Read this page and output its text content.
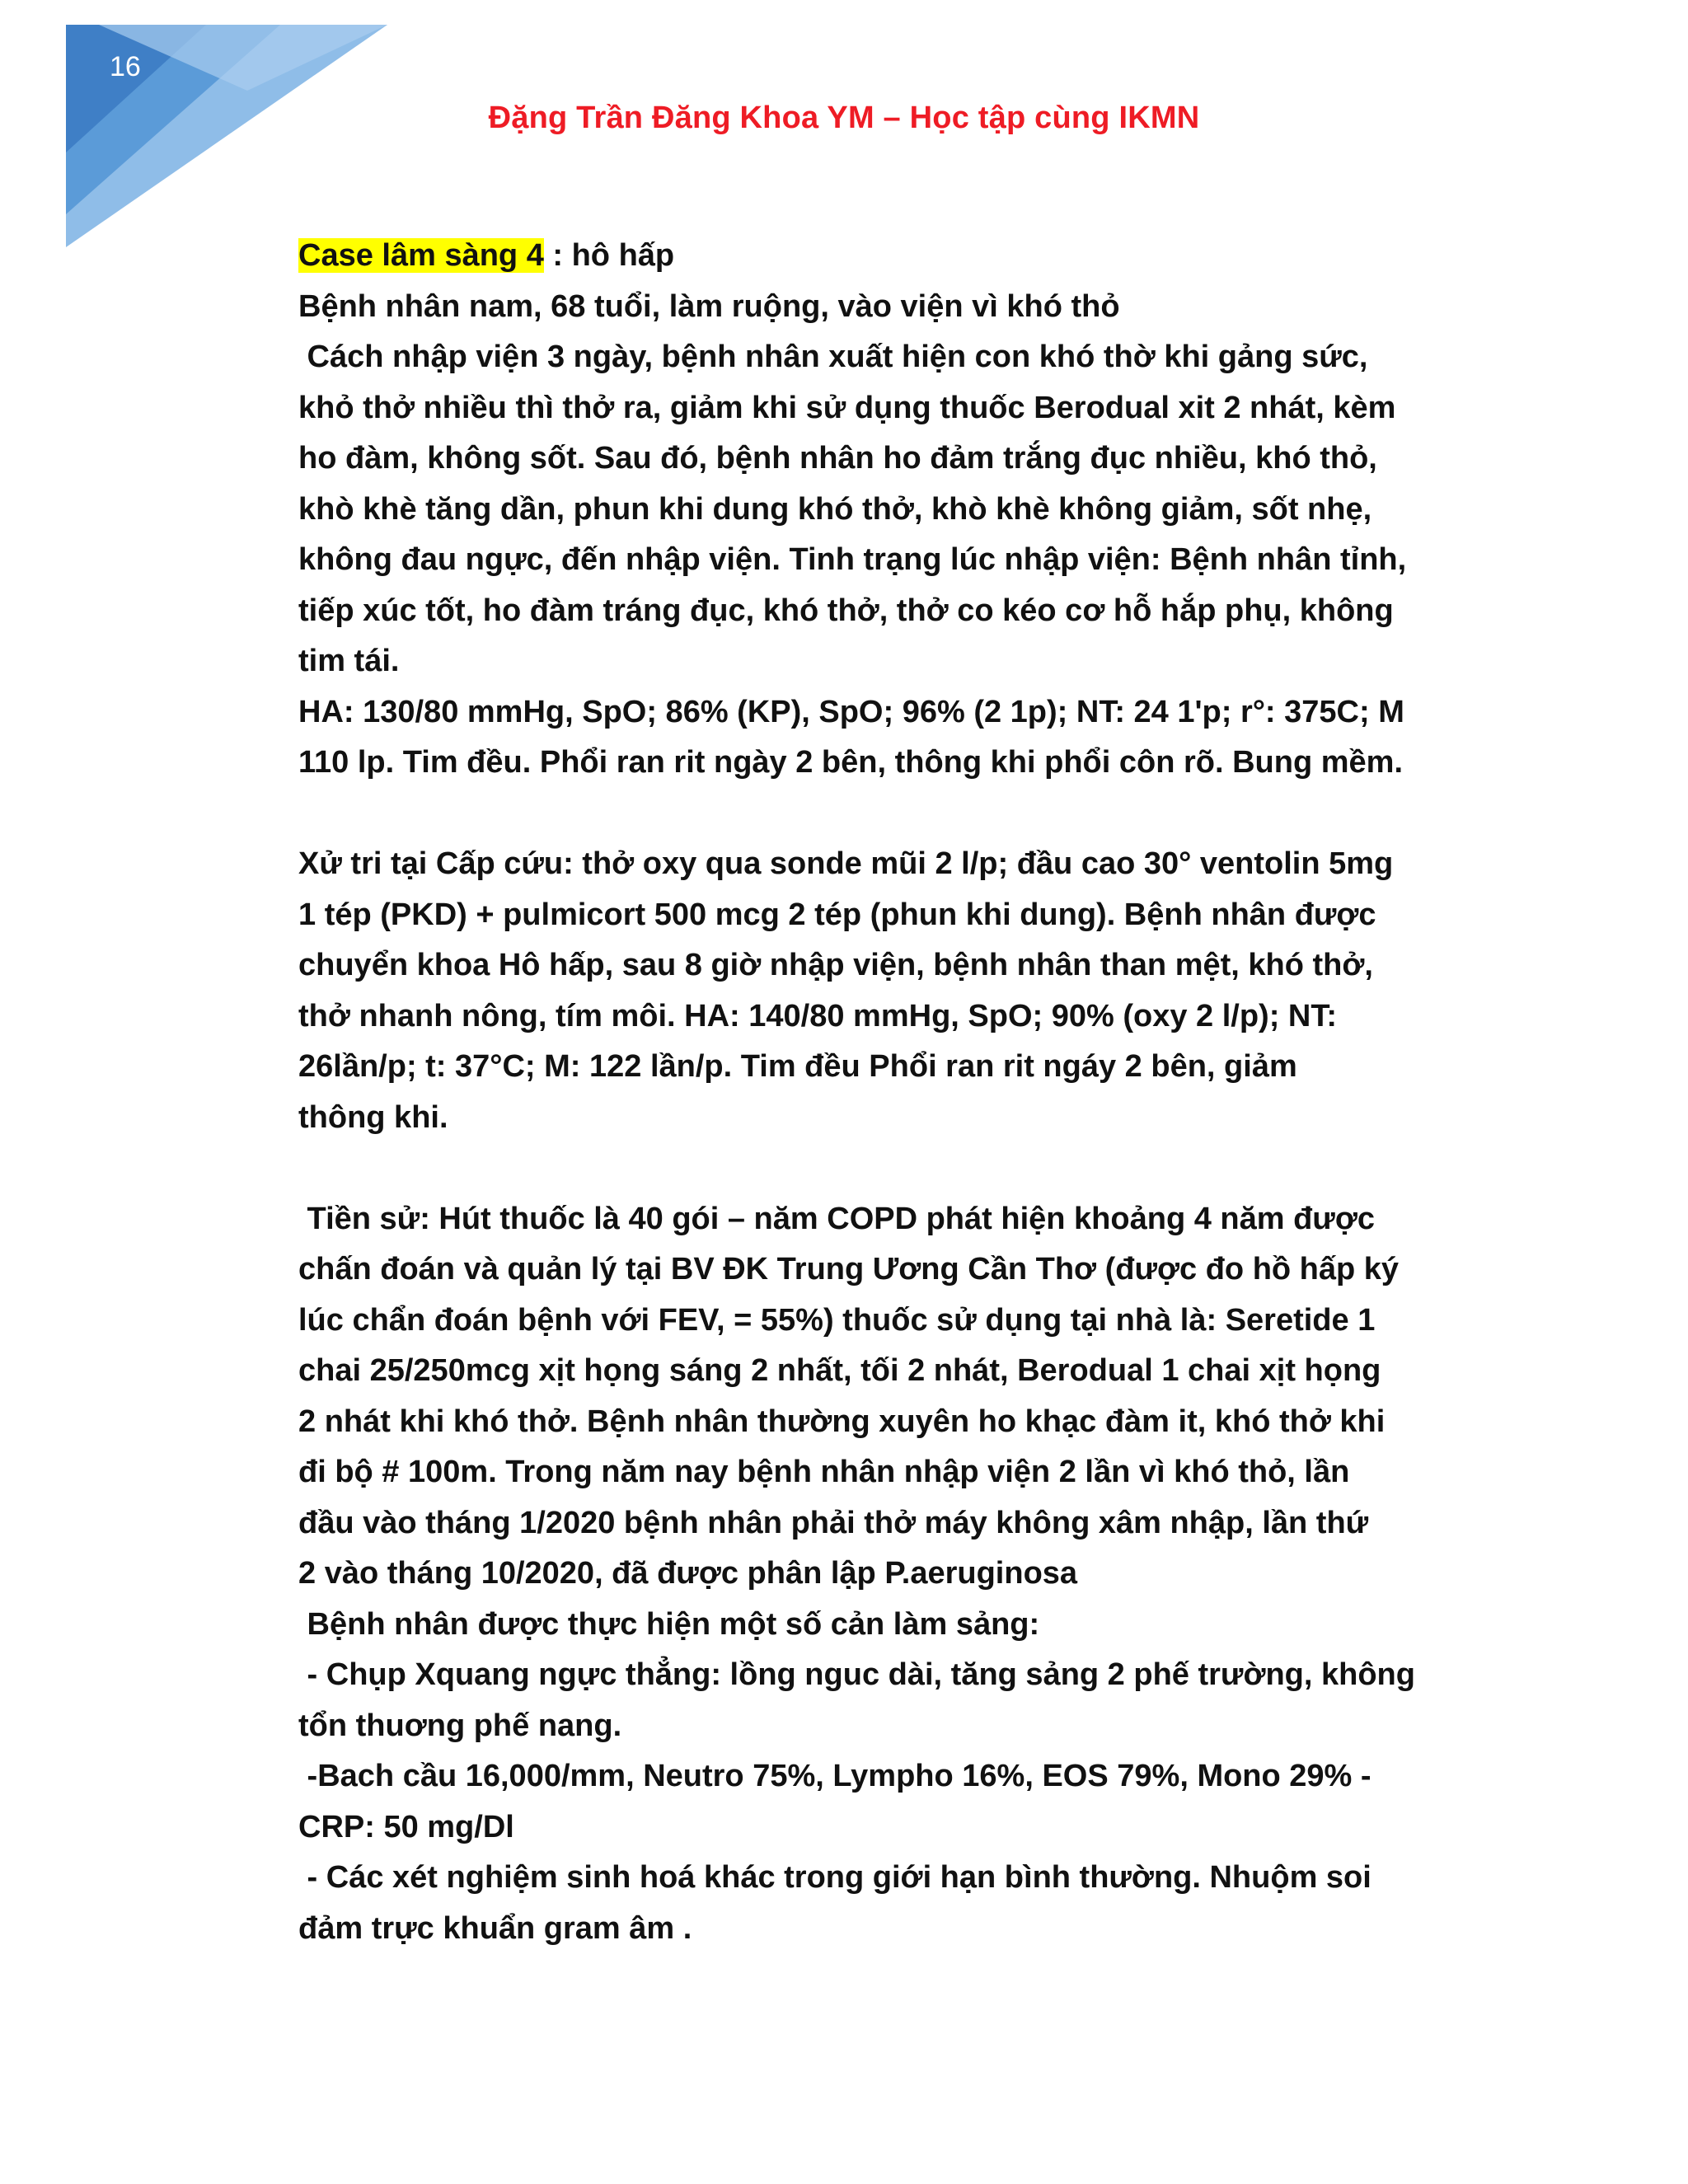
16
Đặng Trần Đăng Khoa YM – Học tập cùng IKMN
Case lâm sàng 4 : hô hấp
Bệnh nhân nam, 68 tuổi, làm ruộng, vào viện vì khó thỏ
Cách nhập viện 3 ngày, bệnh nhân xuất hiện con khó thờ khi gảng sức,
khỏ thở nhiều thì thở ra, giảm khi sử dụng thuốc Berodual xit 2 nhát, kèm
ho đàm, không sốt. Sau đó, bệnh nhân ho đảm trắng đục nhiều, khó thỏ,
khò khè tăng dần, phun khi dung khó thở, khò khè không giảm, sốt nhẹ,
không đau ngực, đến nhập viện. Tinh trạng lúc nhập viện: Bệnh nhân tỉnh,
tiếp xúc tốt, ho đàm tráng đục, khó thở, thở co kéo cơ hỗ hắp phụ, không
tim tái.
HA: 130/80 mmHg, SpO; 86% (KP), SpO; 96% (2 1p); NT: 24 1'p; r°: 375C; M
110 lp. Tim đều. Phổi ran rit ngày 2 bên, thông khi phổi côn rõ. Bung mềm.
Xử tri tại Cấp cứu: thở oxy qua sonde mũi 2 l/p; đầu cao 30° ventolin 5mg
1 tép (PKD) + pulmicort 500 mcg 2 tép (phun khi dung). Bệnh nhân được
chuyển khoa Hô hấp, sau 8 giờ nhập viện, bệnh nhân than mệt, khó thở,
thở nhanh nông, tím môi. HA: 140/80 mmHg, SpO; 90% (oxy 2 l/p); NT:
26lần/p; t: 37°C; M: 122 lần/p. Tim đều Phổi ran rit ngáy 2 bên, giảm
thông khi.
Tiền sử: Hút thuốc là 40 gói – năm COPD phát hiện khoảng 4 năm được
chấn đoán và quản lý tại BV ĐK Trung Ương Cần Thơ (được đo hồ hấp ký
lúc chẩn đoán bệnh với FEV, = 55%) thuốc sử dụng tại nhà là: Seretide 1
chai 25/250mcg xịt họng sáng 2 nhất, tối 2 nhát, Berodual 1 chai xịt họng
2 nhát khi khó thở. Bệnh nhân thường xuyên ho khạc đàm it, khó thở khi
đi bộ # 100m. Trong năm nay bệnh nhân nhập viện 2 lần vì khó thỏ, lần
đầu vào tháng 1/2020 bệnh nhân phải thở máy không xâm nhập, lần thứ
2 vào tháng 10/2020, đã được phân lập P.aeruginosa
Bệnh nhân được thực hiện một số cản làm sảng:
- Chụp Xquang ngực thẳng: lồng nguc dài, tăng sảng 2 phế trường, không
tổn thuơng phế nang.
-Bach cầu 16,000/mm, Neutro 75%, Lympho 16%, EOS 79%, Mono 29% -
CRP: 50 mg/Dl
- Các xét nghiệm sinh hoá khác trong giới hạn bình thường. Nhuộm soi
đảm trực khuẩn gram âm .
